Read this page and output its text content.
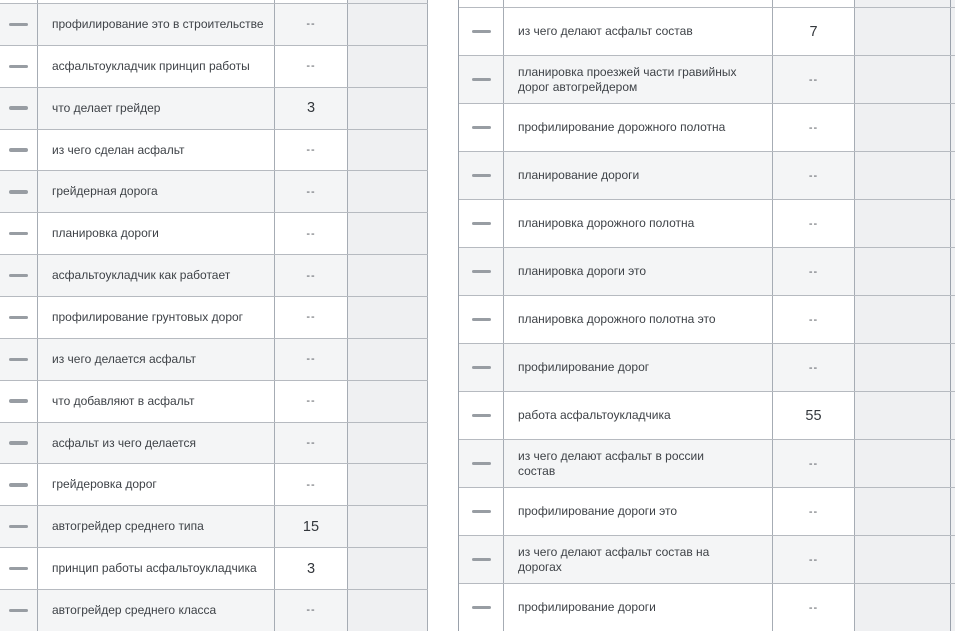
профилирование это в строительстве	--
асфальтоукладчик принцип работы	--
что делает грейдер	3
из чего сделан асфальт	--
грейдерная дорога	--
планировка дороги	--
асфальтоукладчик как работает	--
профилирование грунтовых дорог	--
из чего делается асфальт	--
что добавляют в асфальт	--
асфальт из чего делается	--
грейдеровка дорог	--
автогрейдер среднего типа	15
принцип работы асфальтоукладчика	3
автогрейдер среднего класса	--
из чего делают асфальт состав	7
планировка проезжей части гравийных дорог автогрейдером	--
профилирование дорожного полотна	--
планирование дороги	--
планировка дорожного полотна	--
планировка дороги это	--
планировка дорожного полотна это	--
профилирование дорог	--
работа асфальтоукладчика	55
из чего делают асфальт в россии состав	--
профилирование дороги это	--
из чего делают асфальт состав на дорогах	--
профилирование дороги	--
